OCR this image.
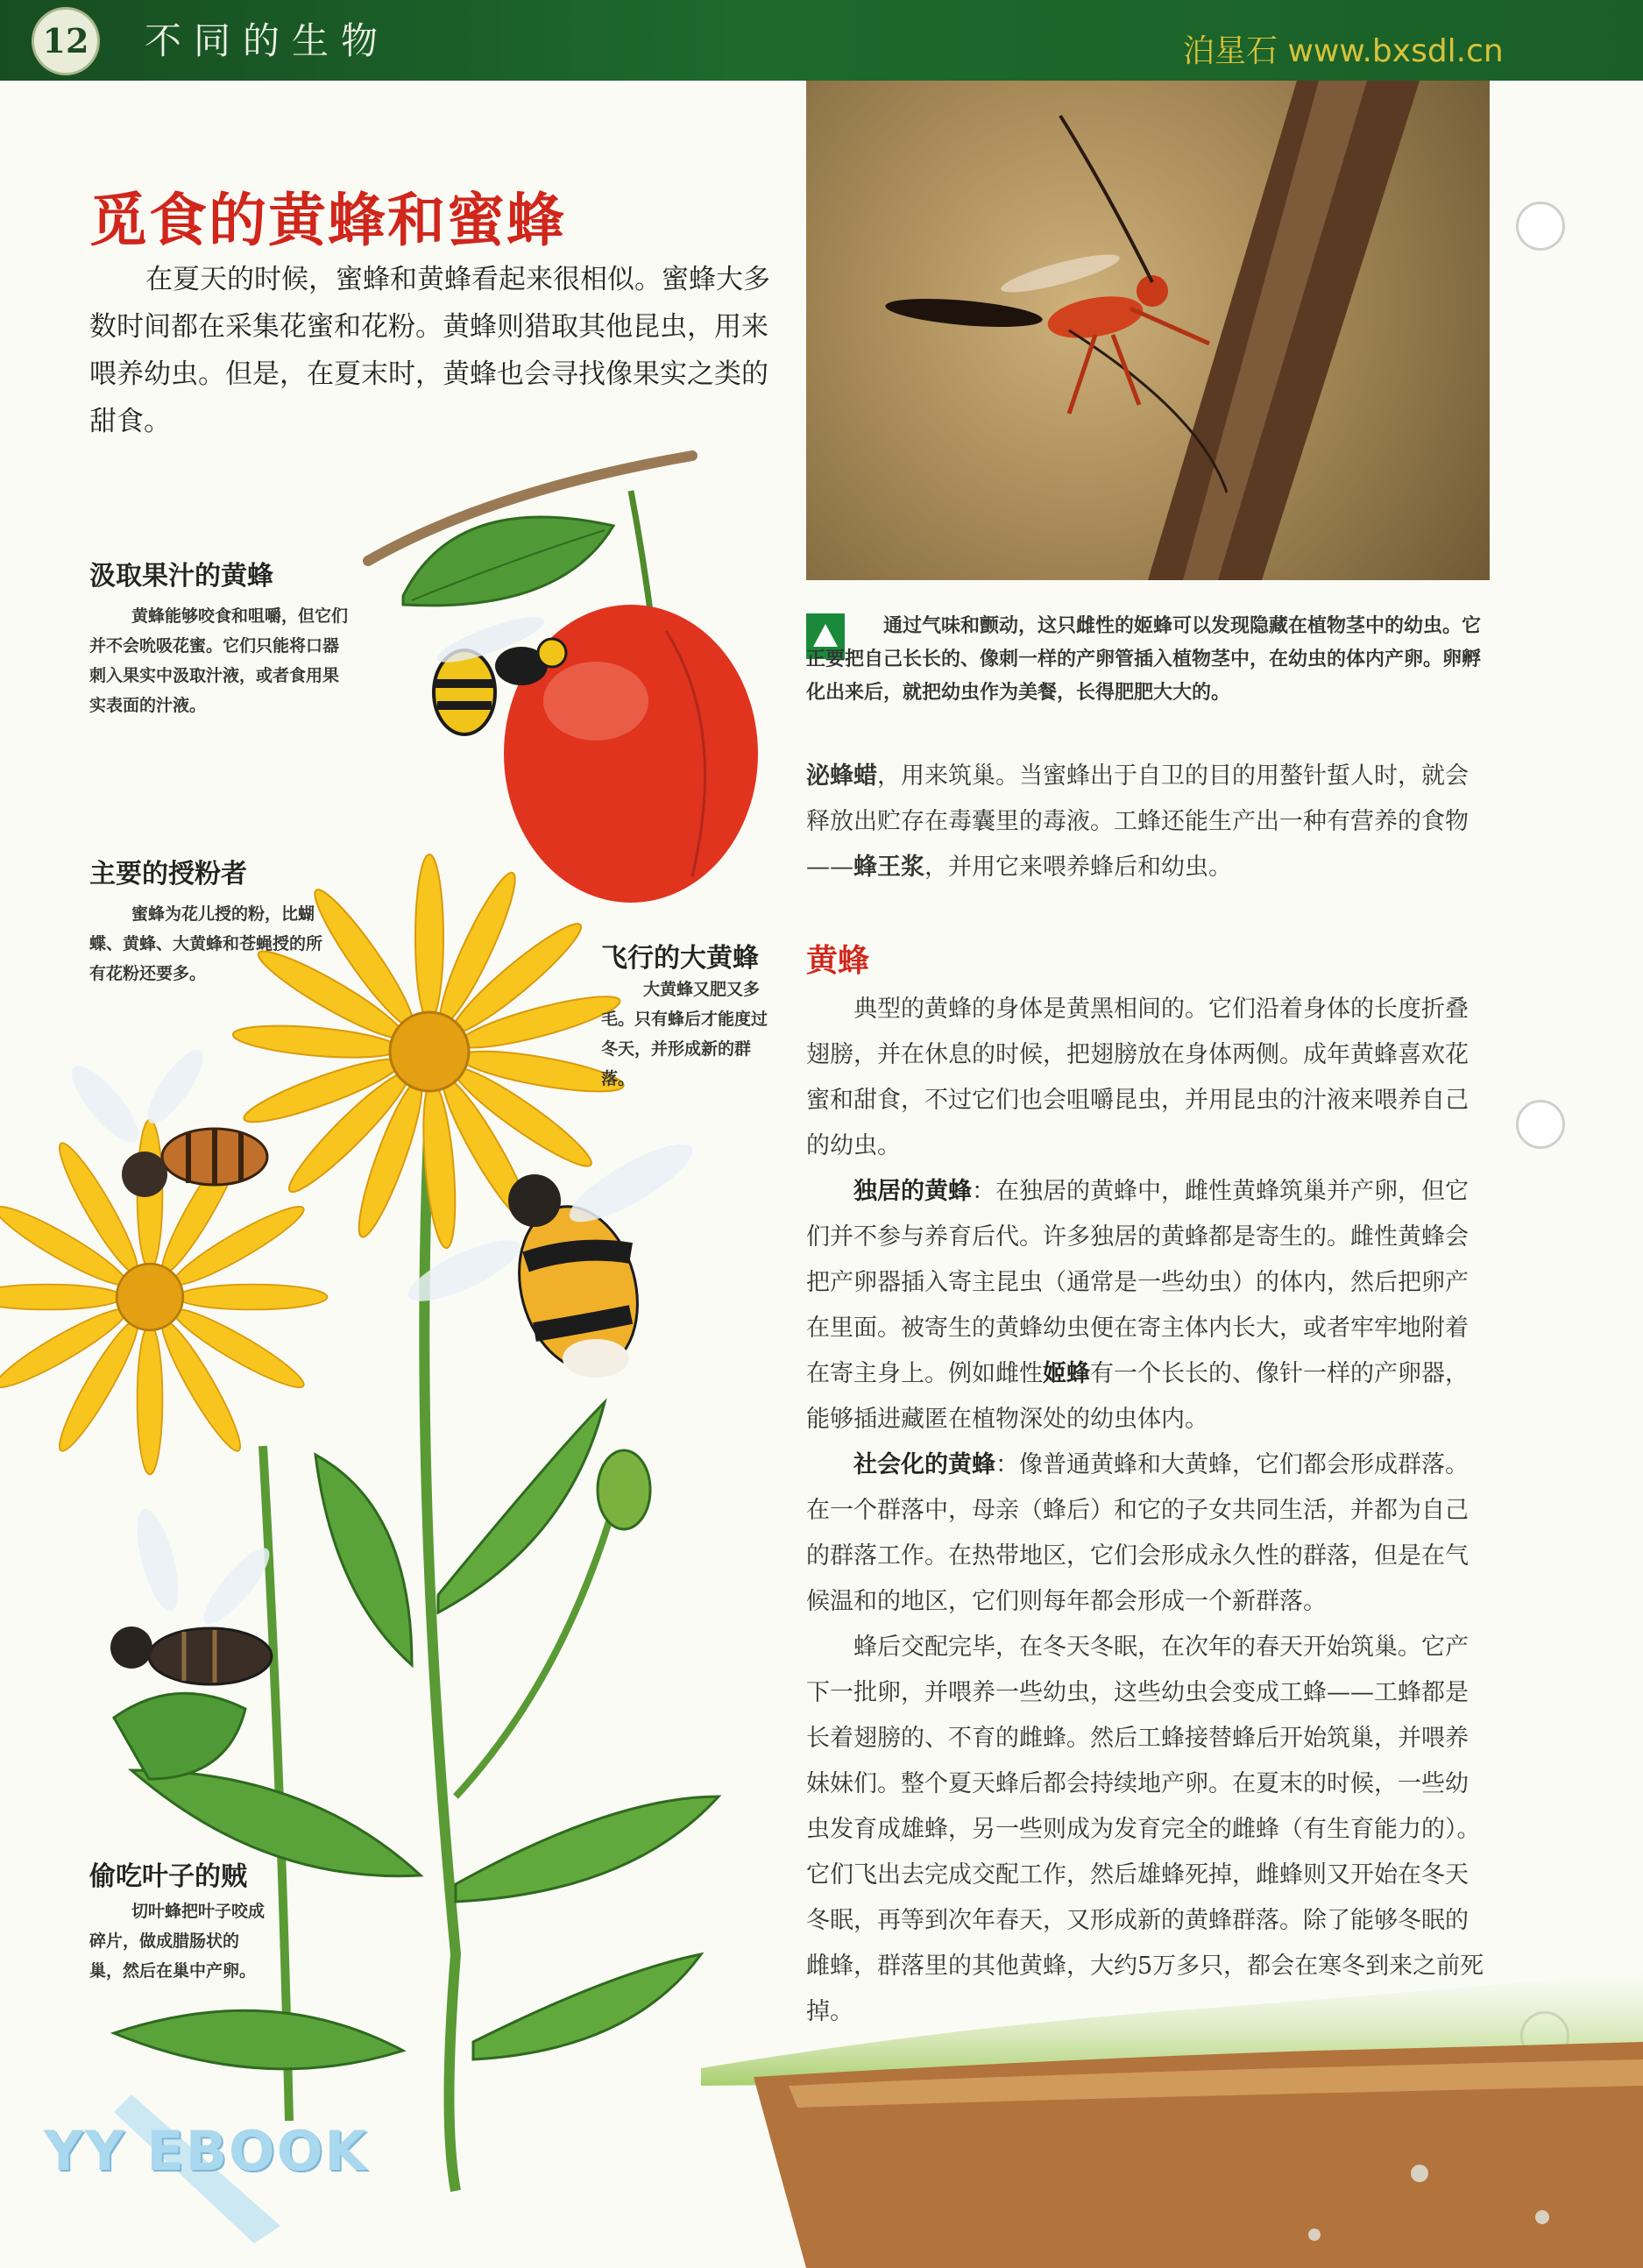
12 不同的生物	泊星石 www.bxsdl.cn
觅食的黄蜂和蜜蜂
在夏天的时候，蜜蜂和黄蜂看起来很相似。蜜蜂大多数时间都在采集花蜜和花粉。黄蜂则猎取其他昆虫，用来喂养幼虫。但是，在夏末时，黄蜂也会寻找像果实之类的甜食。
汲取果汁的黄蜂
黄蜂能够咬食和咀嚼，但它们并不会吮吸花蜜。它们只能将口器刺入果实中汲取汁液，或者食用果实表面的汁液。
主要的授粉者
蜜蜂为花儿授的粉，比蝴蝶、黄蜂、大黄蜂和苍蝇授的所有花粉还要多。	飞行的大黄蜂
大黄蜂又肥又多毛。只有蜂后才能度过冬天，并形成新的群落。
偷吃叶子的贼
切叶蜂把叶子咬成碎片，做成腊肠状的巢，然后在巢中产卵。
通过气味和颤动，这只雌性的姬蜂可以发现隐藏在植物茎中的幼虫。它正要把自己长长的、像刺一样的产卵管插入植物茎中，在幼虫的体内产卵。卵孵化出来后，就把幼虫作为美餐，长得肥肥大大的。
泌蜂蜡，用来筑巢。当蜜蜂出于自卫的目的用螯针蜇人时，就会释放出贮存在毒囊里的毒液。工蜂还能生产出一种有营养的食物——蜂王浆，并用它来喂养蜂后和幼虫。
黄蜂

典型的黄蜂的身体是黄黑相间的。它们沿着身体的长度折叠翅膀，并在休息的时候，把翅膀放在身体两侧。成年黄蜂喜欢花蜜和甜食，不过它们也会咀嚼昆虫，并用昆虫的汁液来喂养自己的幼虫。

独居的黄蜂：在独居的黄蜂中，雌性黄蜂筑巢并产卵，但它们并不参与养育后代。许多独居的黄蜂都是寄生的。雌性黄蜂会把产卵器插入寄主昆虫（通常是一些幼虫）的体内，然后把卵产在里面。被寄生的黄蜂幼虫便在寄主体内长大，或者牢牢地附着在寄主身上。例如雌性姬蜂有一个长长的、像针一样的产卵器，能够插进藏匿在植物深处的幼虫体内。

社会化的黄蜂：像普通黄蜂和大黄蜂，它们都会形成群落。在一个群落中，母亲（蜂后）和它的子女共同生活，并都为自己的群落工作。在热带地区，它们会形成永久性的群落，但是在气候温和的地区，它们则每年都会形成一个新群落。

蜂后交配完毕，在冬天冬眠，在次年的春天开始筑巢。它产下一批卵，并喂养一些幼虫，这些幼虫会变成工蜂——工蜂都是长着翅膀的、不育的雌蜂。然后工蜂接替蜂后开始筑巢，并喂养妹妹们。整个夏天蜂后都会持续地产卵。在夏末的时候，一些幼虫发育成雄蜂，另一些则成为发育完全的雌蜂（有生育能力的）。它们飞出去完成交配工作，然后雄蜂死掉，雌蜂则又开始在冬天冬眠，再等到次年春天，又形成新的黄蜂群落。除了能够冬眠的雌蜂，群落里的其他黄蜂，大约5万多只，都会在寒冬到来之前死掉。

YY EBOOK
